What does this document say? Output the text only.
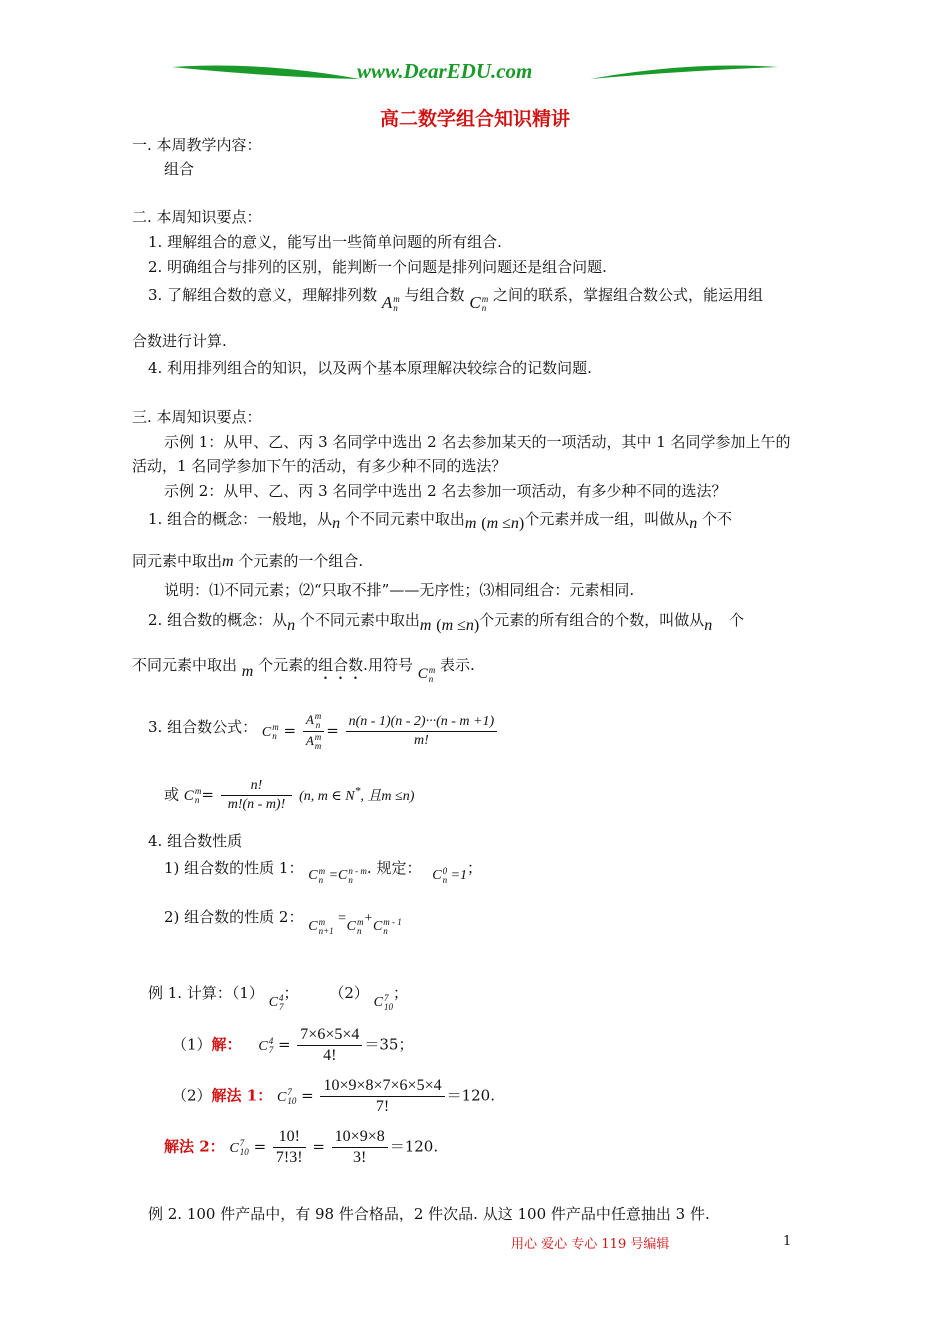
www.DearEDU.com
高二数学组合知识精讲
一. 本周教学内容：
组合
二. 本周知识要点：
1. 理解组合的意义，能写出一些简单问题的所有组合.
2. 明确组合与排列的区别，能判断一个问题是排列问题还是组合问题.
3. 了解组合数的意义，理解排列数 A m
n
与组合数 C m
n
之间的联系，掌握组合数公式，能运用组
合数进行计算.
4. 利用排列组合的知识，以及两个基本原理解决较综合的记数问题.
三. 本周知识要点：
示例 1：从甲、乙、丙 3 名同学中选出 2 名去参加某天的一项活动，其中 1 名同学参加上午的
活动，1 名同学参加下午的活动，有多少种不同的选法？
示例 2：从甲、乙、丙 3 名同学中选出 2 名去参加一项活动，有多少种不同的选法？
1. 组合的概念：一般地，从n 个不同元素中取出m (m ≤n)个元素并成一组，叫做从n 个不
同元素中取出m 个元素的一个组合.
说明：⑴不同元素；⑵“只取不排”——无序性；⑶相同组合：元素相同.
2. 组合数的概念：从n 个不同元素中取出m (m ≤n)个元素的所有组合的个数，叫做从n 个
不同元素中取出 m 个元素的组合数.用符号 C m
n
表示.
3. 组合数公式： C m
n = A m
n
A m
$m = \frac{n(n - 1)(n - 2)\cdot\cdot\cdot(n - m +1)}{m!}$
或 C m
$n = \frac{n!}{m!(n - m)!} (n$, m ∈ N*, 且m ≤n)
4. 组合数性质
1) 组合数的性质 1： C m
n =C n - m
n
. 规定： C 0
n =1；
2) 组合数的性质 2： C m
n+1
=C m
n
+C m - 1
n
例 1. 计算：（1） C 4
7
； （2） C 7
10
；
（1）解： C 4
$7 = \frac{7\times 6\times 5\times 4}{4!} =35$；
（2）解法 1： C 7
$10 = \frac{10\times 9\times 8\times 7\times 6\times 5\times 4}{7!} =120$.
解法 2： C 7
$10 = \frac{10!}{7!3!} = \frac{10\times 9\times 8}{3!} =120$.
例 2. 100 件产品中，有 98 件合格品，2 件次品. 从这 100 件产品中任意抽出 3 件.
用心 爱心 专心 119 号编辑	1
